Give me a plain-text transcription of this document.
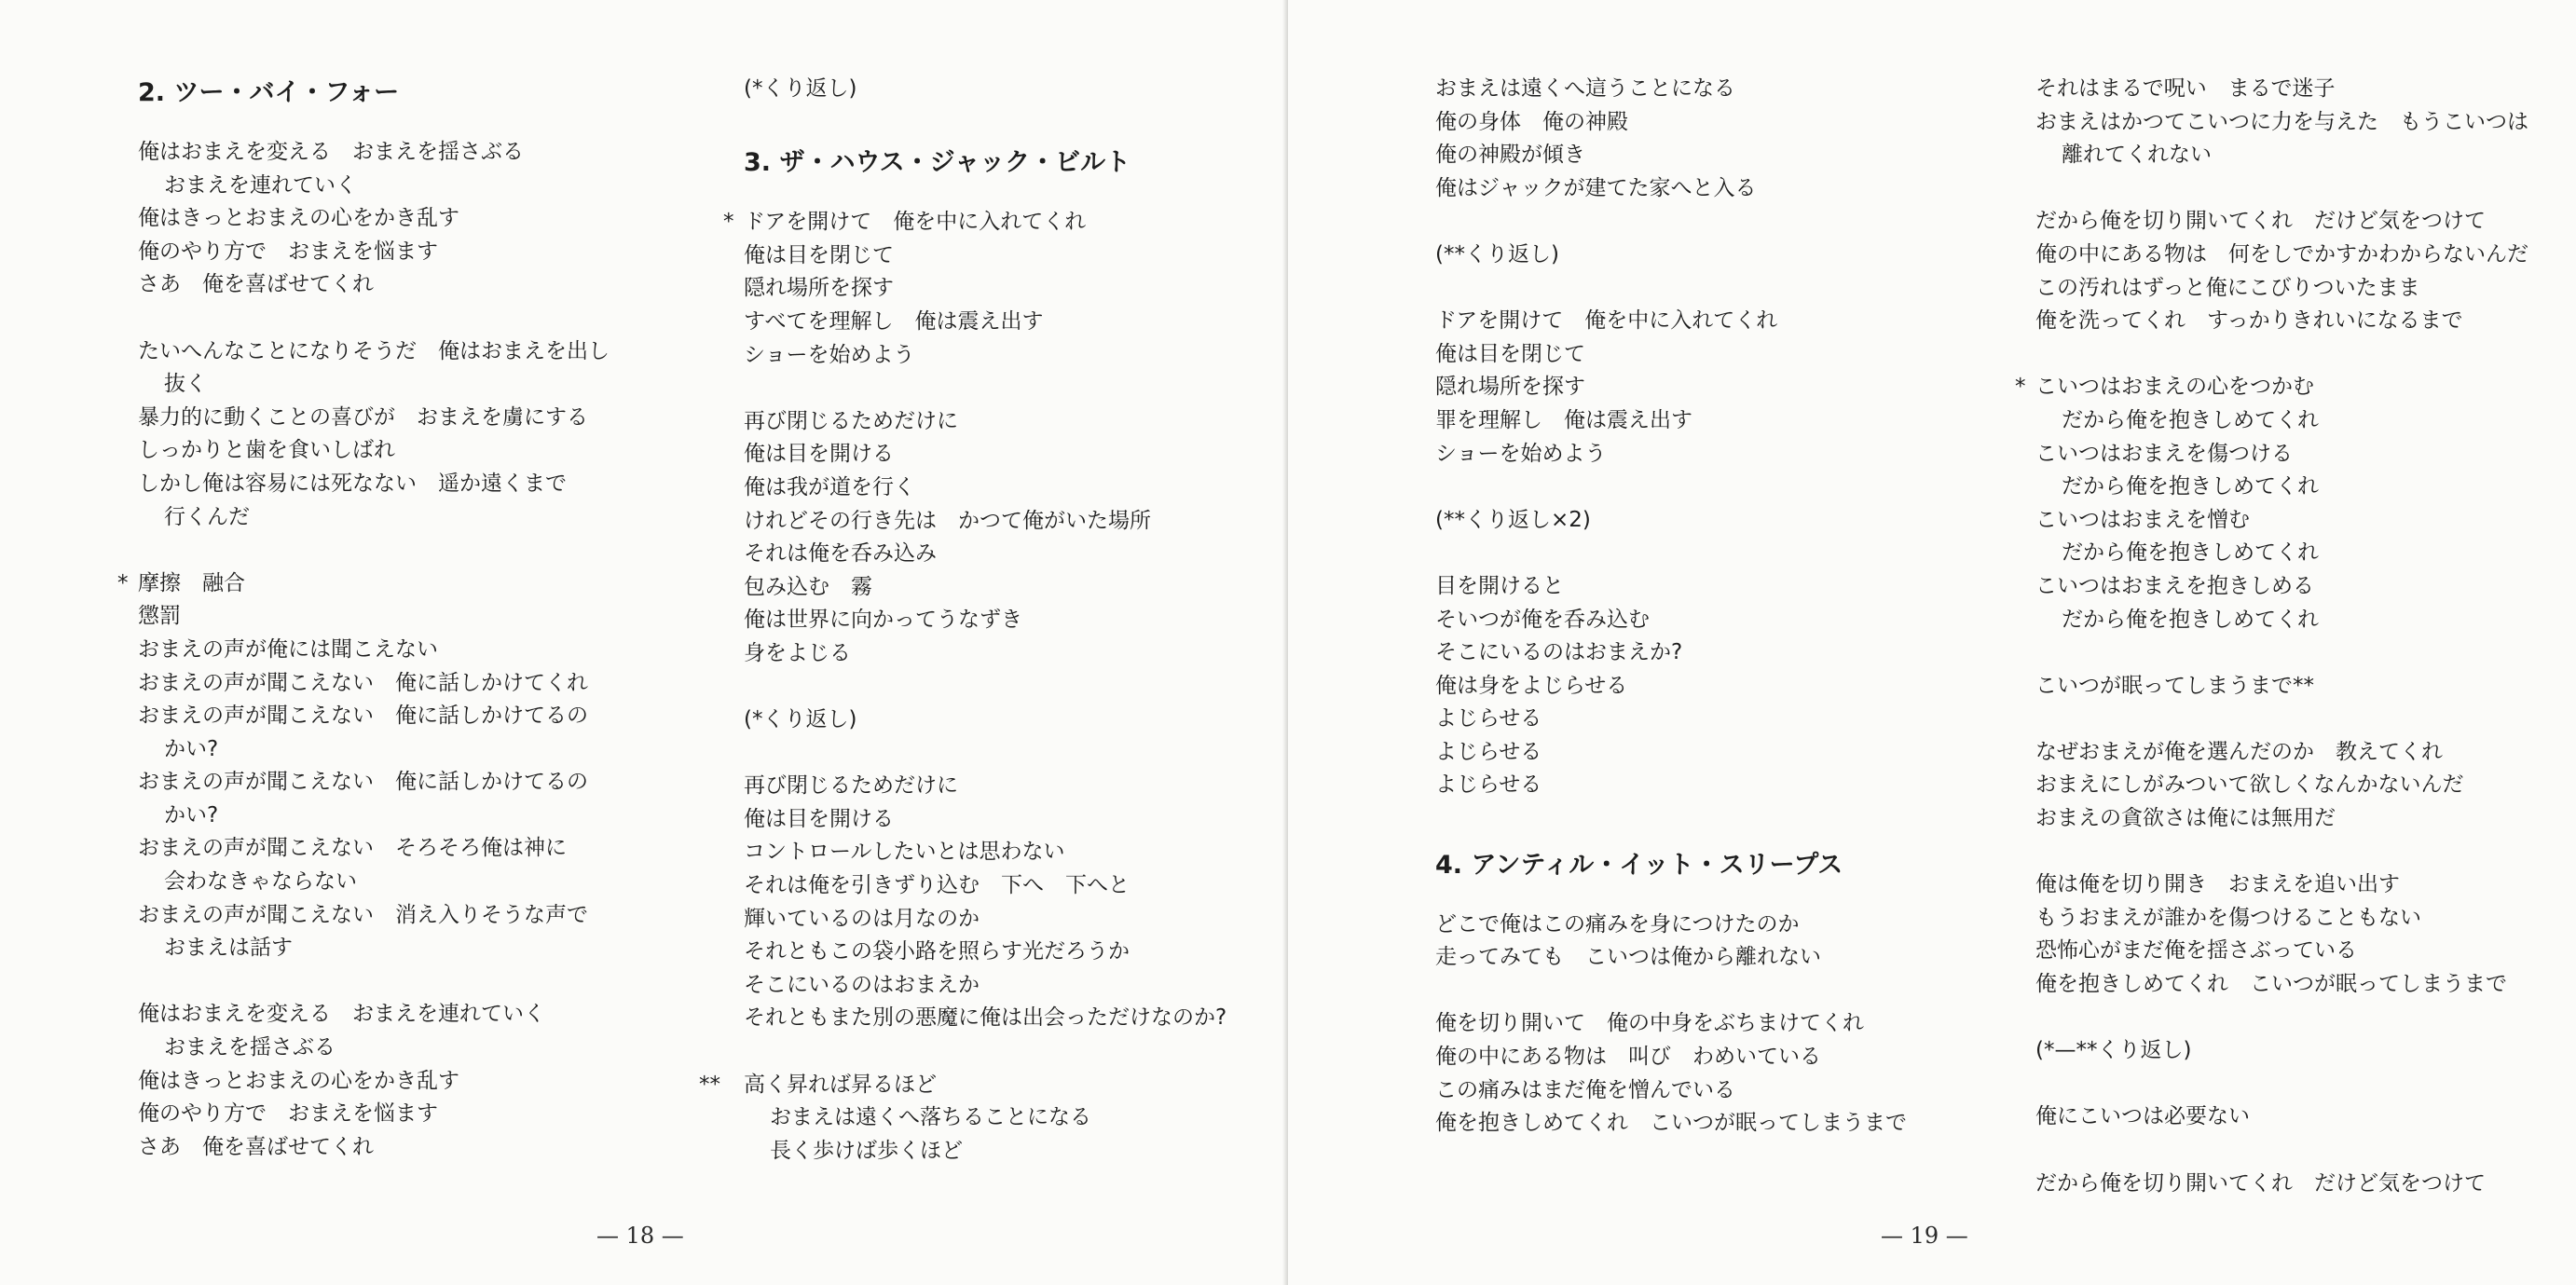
2. ツー・バイ・フォー
俺はおまえを変える　おまえを揺さぶる
おまえを連れていく
俺はきっとおまえの心をかき乱す
俺のやり方で　おまえを悩ます
さあ　俺を喜ばせてくれ
たいへんなことになりそうだ　俺はおまえを出し
抜く
暴力的に動くことの喜びが　おまえを虜にする
しっかりと歯を食いしばれ
しかし俺は容易には死なない　遥か遠くまで
行くんだ
* 摩擦　融合
懲罰
おまえの声が俺には聞こえない
おまえの声が聞こえない　俺に話しかけてくれ
おまえの声が聞こえない　俺に話しかけてるの
かい?
おまえの声が聞こえない　俺に話しかけてるの
かい?
おまえの声が聞こえない　そろそろ俺は神に
会わなきゃならない
おまえの声が聞こえない　消え入りそうな声で
おまえは話す
俺はおまえを変える　おまえを連れていく
おまえを揺さぶる
俺はきっとおまえの心をかき乱す
俺のやり方で　おまえを悩ます
さあ　俺を喜ばせてくれ
(*くり返し)
3. ザ・ハウス・ジャック・ビルト
* ドアを開けて　俺を中に入れてくれ
俺は目を閉じて
隠れ場所を探す
すべてを理解し　俺は震え出す
ショーを始めよう
再び閉じるためだけに
俺は目を開ける
俺は我が道を行く
けれどその行き先は　かつて俺がいた場所
それは俺を呑み込み
包み込む　霧
俺は世界に向かってうなずき
身をよじる
(*くり返し)
再び閉じるためだけに
俺は目を開ける
コントロールしたいとは思わない
それは俺を引きずり込む　下へ　下へと
輝いているのは月なのか
それともこの袋小路を照らす光だろうか
そこにいるのはおまえか
それともまた別の悪魔に俺は出会っただけなのか?
** 高く昇れば昇るほど
おまえは遠くへ落ちることになる
長く歩けば歩くほど
— 18 —
おまえは遠くへ這うことになる
俺の身体　俺の神殿
俺の神殿が傾き
俺はジャックが建てた家へと入る
(**くり返し)
ドアを開けて　俺を中に入れてくれ
俺は目を閉じて
隠れ場所を探す
罪を理解し　俺は震え出す
ショーを始めよう
(**くり返し×2)
目を開けると
そいつが俺を呑み込む
そこにいるのはおまえか?
俺は身をよじらせる
よじらせる
よじらせる
よじらせる
4. アンティル・イット・スリープス
どこで俺はこの痛みを身につけたのか
走ってみても　こいつは俺から離れない
俺を切り開いて　俺の中身をぶちまけてくれ
俺の中にある物は　叫び　わめいている
この痛みはまだ俺を憎んでいる
俺を抱きしめてくれ　こいつが眠ってしまうまで
それはまるで呪い　まるで迷子
おまえはかつてこいつに力を与えた　もうこいつは
離れてくれない
だから俺を切り開いてくれ　だけど気をつけて
俺の中にある物は　何をしでかすかわからないんだ
この汚れはずっと俺にこびりついたまま
俺を洗ってくれ　すっかりきれいになるまで
* こいつはおまえの心をつかむ
だから俺を抱きしめてくれ
こいつはおまえを傷つける
だから俺を抱きしめてくれ
こいつはおまえを憎む
だから俺を抱きしめてくれ
こいつはおまえを抱きしめる
だから俺を抱きしめてくれ
こいつが眠ってしまうまで**
なぜおまえが俺を選んだのか　教えてくれ
おまえにしがみついて欲しくなんかないんだ
おまえの貪欲さは俺には無用だ
俺は俺を切り開き　おまえを追い出す
もうおまえが誰かを傷つけることもない
恐怖心がまだ俺を揺さぶっている
俺を抱きしめてくれ　こいつが眠ってしまうまで
(*—**くり返し)
俺にこいつは必要ない
だから俺を切り開いてくれ　だけど気をつけて
— 19 —
